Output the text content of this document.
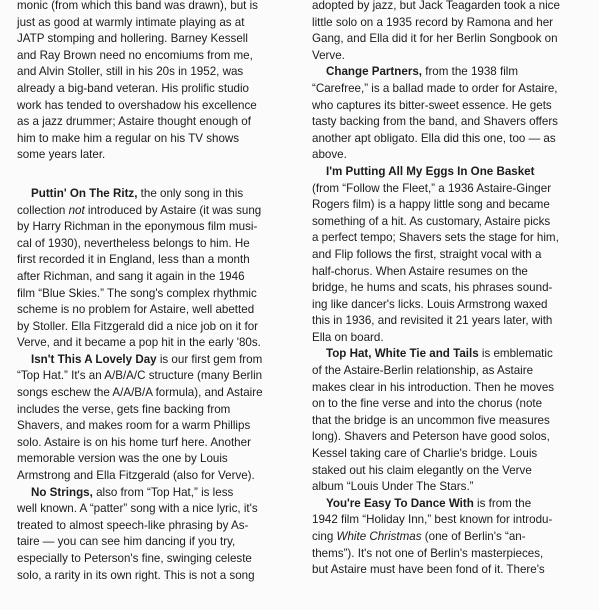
monic (from which this band was drawn), but is
just as good at warmly intimate playing as at
JATP stomping and hollering. Barney Kessell
and Ray Brown need no encomiums from me,
and Alvin Stoller, still in his 20s in 1952, was
already a big-band veteran. His prolific studio
work has tended to overshadow his excellence
as a jazz drummer; Astaire thought enough of
him to make him a regular on his TV shows
some years later.
Puttin' On The Ritz, the only song in this
collection not introduced by Astaire (it was sung
by Harry Richman in the eponymous film musi-
cal of 1930), nevertheless belongs to him. He
first recorded it in England, less than a month
after Richman, and sang it again in the 1946
film “Blue Skies.” The song's complex rhythmic
scheme is no problem for Astaire, well abetted
by Stoller. Ella Fitzgerald did a nice job on it for
Verve, and it became a pop hit in the early '80s.
Isn't This A Lovely Day is our first gem from
“Top Hat.” It's an A/B/A/C structure (many Berlin
songs eschew the A/A/B/A formula), and Astaire
includes the verse, gets fine backing from
Shavers, and makes room for a warm Phillips
solo. Astaire is on his home turf here. Another
memorable version was the one by Louis
Armstrong and Ella Fitzgerald (also for Verve).
No Strings, also from “Top Hat,” is less
well known. A “patter” song with a nice lyric, it's
treated to almost speech-like phrasing by As-
taire — you can see him dancing if you try,
especially to Peterson's fine, swinging celeste
solo, a rarity in its own right. This is not a song
adopted by jazz, but Jack Teagarden took a nice
little solo on a 1935 record by Ramona and her
Gang, and Ella did it for her Berlin Songbook on
Verve.
Change Partners, from the 1938 film
“Carefree,” is a ballad made to order for Astaire,
who captures its bitter-sweet essence. He gets
tasty backing from the band, and Shavers offers
another apt obligato. Ella did this one, too — as
above.
I'm Putting All My Eggs In One Basket
(from “Follow the Fleet,” a 1936 Astaire-Ginger
Rogers film) is a happy little song and became
something of a hit. As customary, Astaire picks
a perfect tempo; Shavers sets the stage for him,
and Flip follows the first, straight vocal with a
half-chorus. When Astaire resumes on the
bridge, he hums and scats, his phrases sound-
ing like dancer's licks. Louis Armstrong waxed
this in 1936, and revisited it 21 years later, with
Ella on board.
Top Hat, White Tie and Tails is emblematic
of the Astaire-Berlin relationship, as Astaire
makes clear in his introduction. Then he moves
on to the fine verse and into the chorus (note
that the bridge is an uncommon five measures
long). Shavers and Peterson have good solos,
Kessel taking care of Charlie's bridge. Louis
staked out his claim elegantly on the Verve
album “Louis Under The Stars.”
You're Easy To Dance With is from the
1942 film “Holiday Inn,” best known for introdu-
cing White Christmas (one of Berlin's “an-
thems”). It's not one of Berlin's masterpieces,
but Astaire must have been fond of it. There's
